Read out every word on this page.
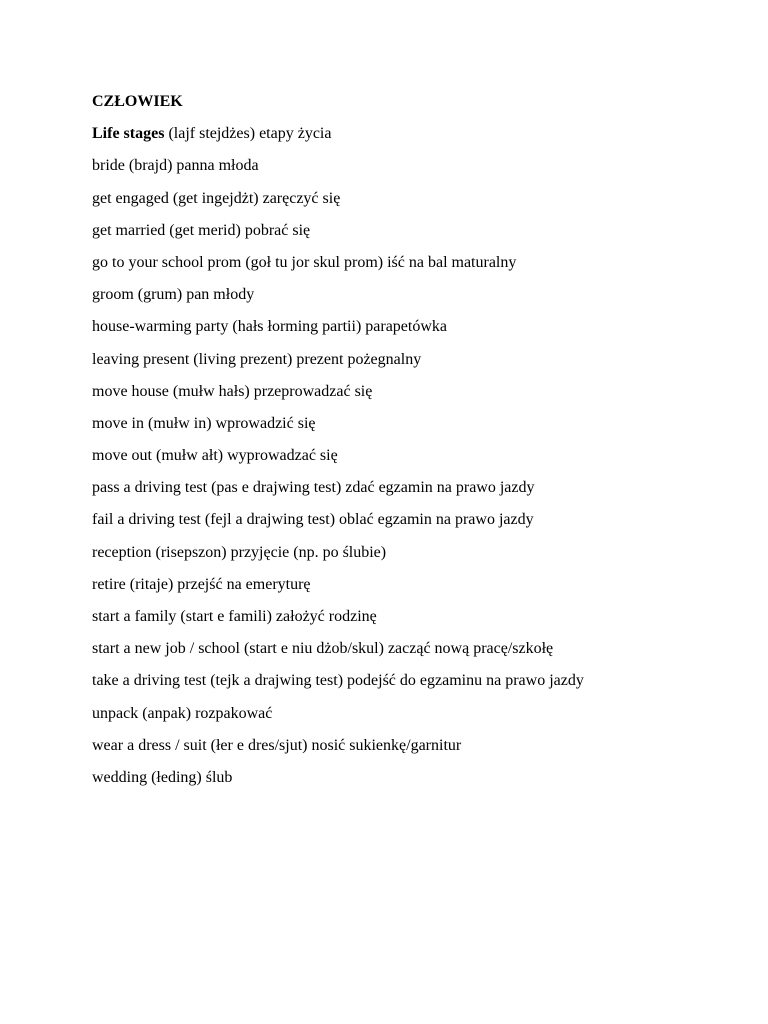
CZŁOWIEK
Life stages (lajf stejdżes) etapy życia
bride (brajd) panna młoda
get engaged (get ingejdżt) zaręczyć się
get married (get merid) pobrać się
go to your school prom (goł tu jor skul prom) iść na bal maturalny
groom (grum) pan młody
house-warming party (hałs łorming partii) parapetówka
leaving present (living prezent) prezent pożegnalny
move house (mułw hałs) przeprowadzać się
move in (mułw in) wprowadzić się
move out (mułw ałt) wyprowadzać się
pass a driving test (pas e drajwing test) zdać egzamin na prawo jazdy
fail a driving test (fejl a drajwing test) oblać egzamin na prawo jazdy
reception (risepszon) przyjęcie (np. po ślubie)
retire (ritaje) przejść na emeryturę
start a family (start e famili) założyć rodzinę
start a new job / school (start e niu dżob/skul) zacząć nową pracę/szkołę
take a driving test (tejk a drajwing test) podejść do egzaminu na prawo jazdy
unpack (anpak) rozpakować
wear a dress / suit (łer e dres/sjut) nosić sukienkę/garnitur
wedding (łeding) ślub
